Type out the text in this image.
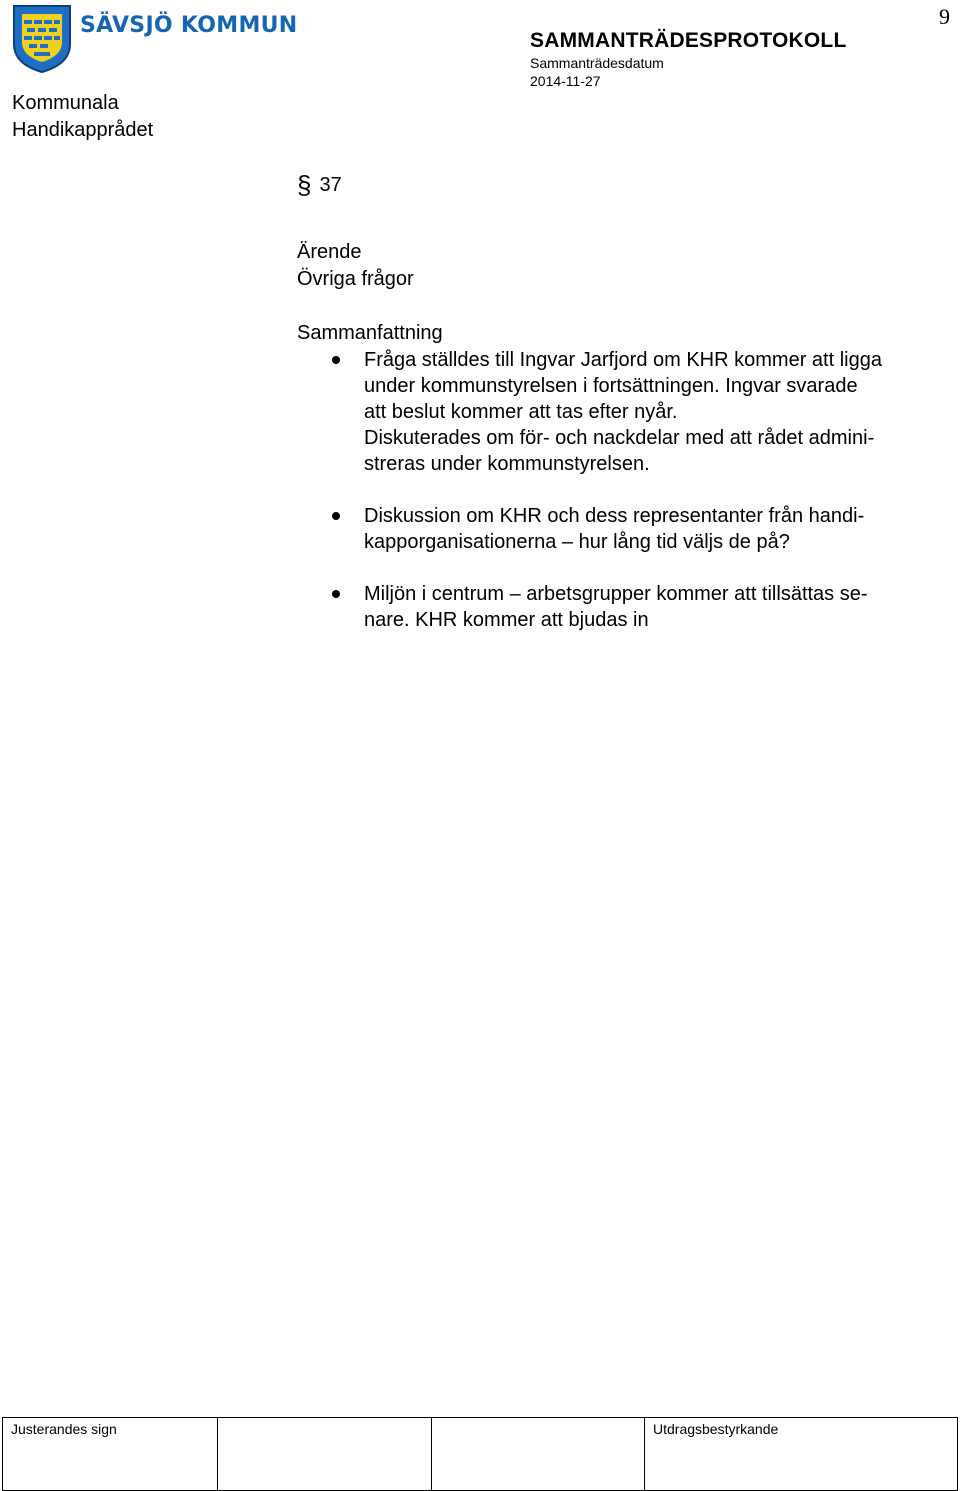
9
SÄVSJÖ KOMMUN
Kommunala
Handikapprådet
SAMMANTRÄDESPROTOKOLL
Sammanträdesdatum
2014-11-27
§ 37
Ärende
Övriga frågor
Sammanfattning
Fråga ställdes till Ingvar Jarfjord om KHR kommer att ligga
under kommunstyrelsen i fortsättningen. Ingvar svarade
att beslut kommer att tas efter nyår.
Diskuterades om för- och nackdelar med att rådet admini-
streras under kommunstyrelsen.
Diskussion om KHR och dess representanter från handi-
kapporganisationerna – hur lång tid väljs de på?
Miljön i centrum – arbetsgrupper kommer att tillsättas se-
nare. KHR kommer att bjudas in
Justerandes sign			Utdragsbestyrkande
